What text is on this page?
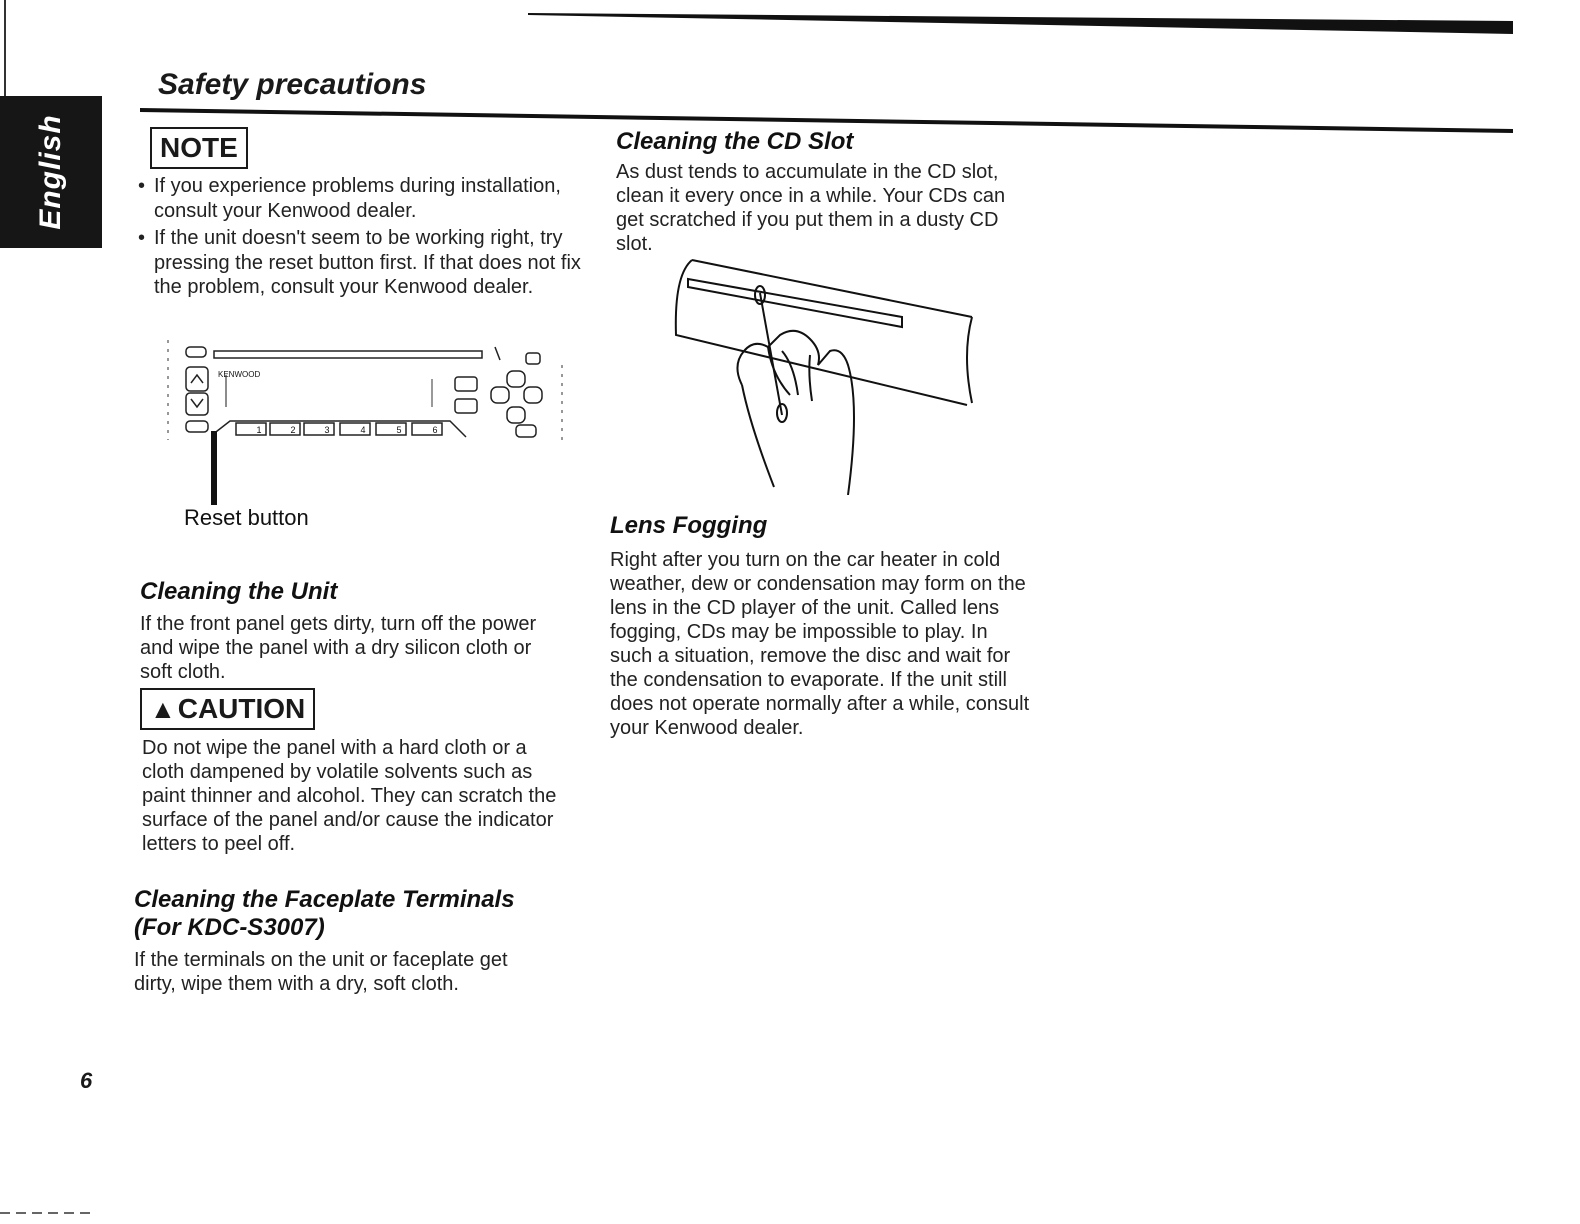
English
Safety precautions
NOTE
• If you experience problems during installation, consult your Kenwood dealer.
• If the unit doesn't seem to be working right, try pressing the reset button first. If that does not fix the problem, consult your Kenwood dealer.
KENWOOD
1	2	3	4	5	6
Reset button
Cleaning the Unit

If the front panel gets dirty, turn off the power and wipe the panel with a dry silicon cloth or soft cloth.

▲CAUTION

Do not wipe the panel with a hard cloth or a cloth dampened by volatile solvents such as paint thinner and alcohol. They can scratch the surface of the panel and/or cause the indicator letters to peel off.

Cleaning the Faceplate Terminals
(For KDC-S3007)

If the terminals on the unit or faceplate get dirty, wipe them with a dry, soft cloth.

Cleaning the CD Slot

As dust tends to accumulate in the CD slot, clean it every once in a while. Your CDs can get scratched if you put them in a dusty CD slot.

Lens Fogging

Right after you turn on the car heater in cold weather, dew or condensation may form on the lens in the CD player of the unit. Called lens fogging, CDs may be impossible to play. In such a situation, remove the disc and wait for the condensation to evaporate. If the unit still does not operate normally after a while, consult your Kenwood dealer.

6
